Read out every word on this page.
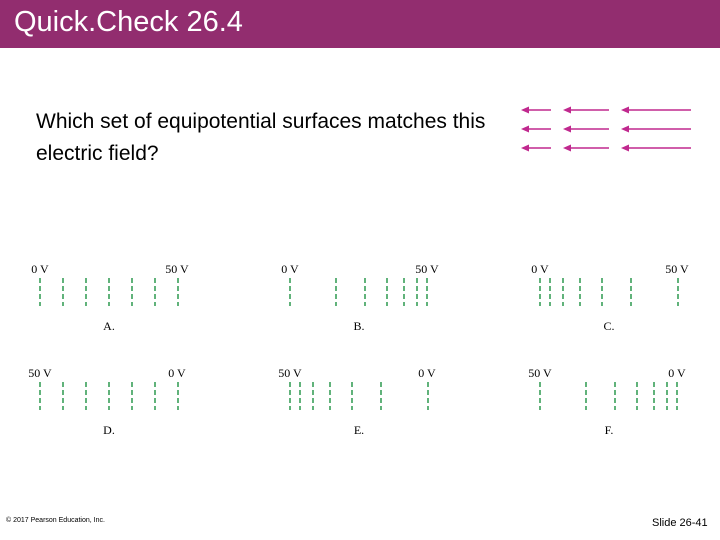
Quick.Check 26.4
Which set of equipotential surfaces matches this electric field?
0 V	50 V
A.
0 V	50 V
B.
0 V	50 V
C.
50 V	0 V
D.
50 V	0 V
E.
50 V	0 V
F.
© 2017 Pearson Education, Inc.	Slide 26-41
